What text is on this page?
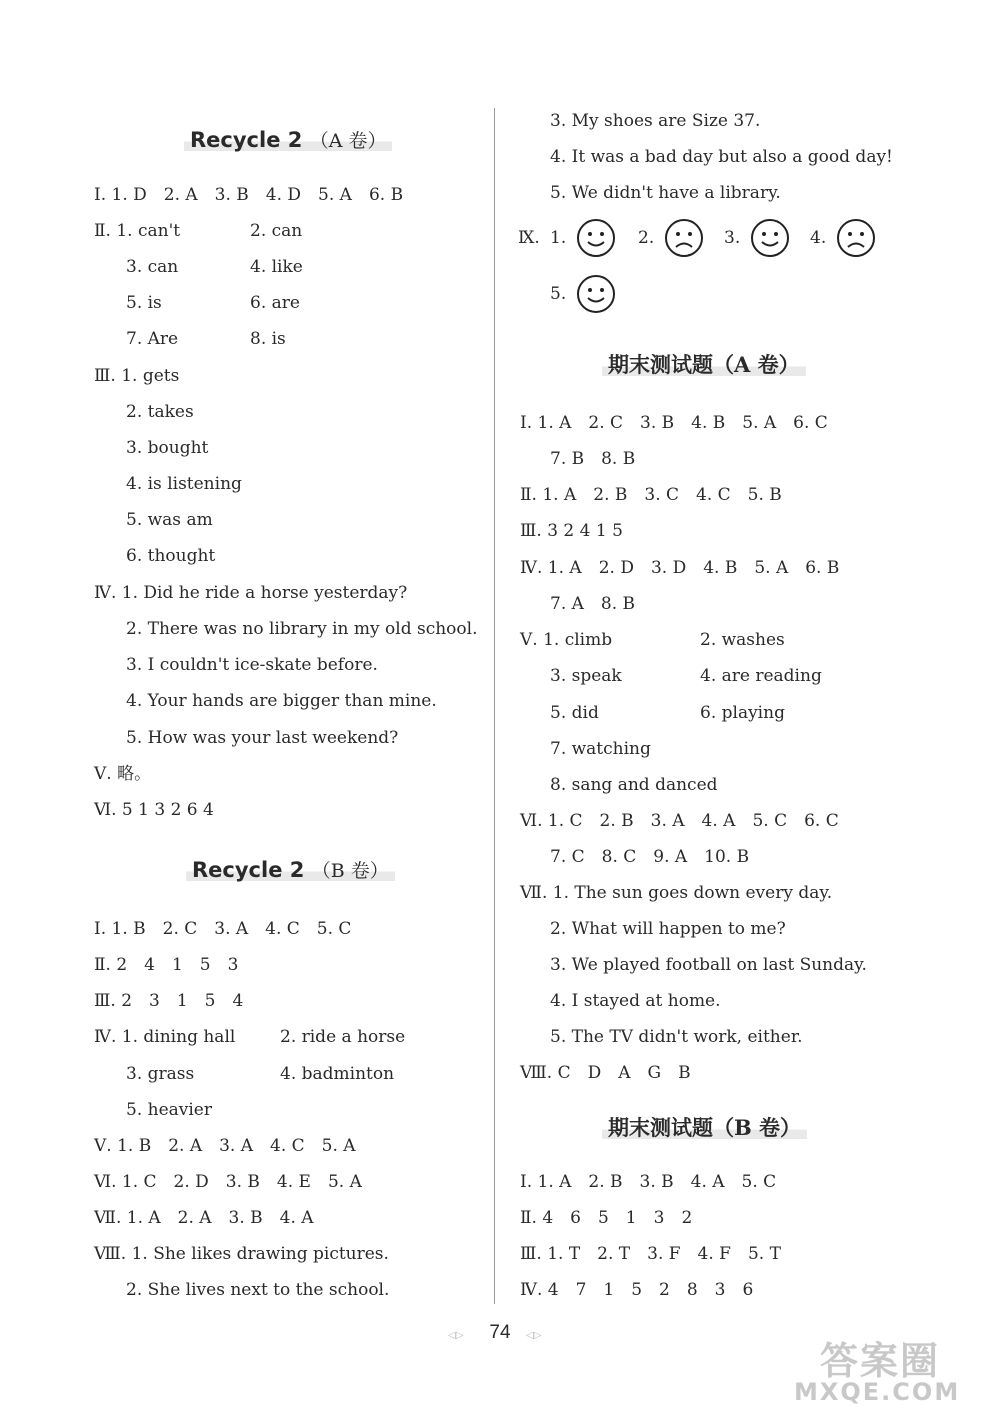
Recycle 2 （A 卷）
Ⅰ. 1. D　2. A　3. B　4. D　5. A　6. B
Ⅱ. 1. can't	2. can
3. can	4. like
5. is	6. are
7. Are	8. is
Ⅲ. 1. gets
2. takes
3. bought
4. is listening
5. was am
6. thought
Ⅳ. 1. Did he ride a horse yesterday?
2. There was no library in my old school.
3. I couldn't ice-skate before.
4. Your hands are bigger than mine.
5. How was your last weekend?
Ⅴ. 略。
Ⅵ. 5 1 3 2 6 4
Recycle 2 （B 卷）
Ⅰ. 1. B　2. C　3. A　4. C　5. C
Ⅱ. 2　4　1　5　3
Ⅲ. 2　3　1　5　4
Ⅳ. 1. dining hall	2. ride a horse
3. grass	4. badminton
5. heavier
Ⅴ. 1. B　2. A　3. A　4. C　5. A
Ⅵ. 1. C　2. D　3. B　4. E　5. A
Ⅶ. 1. A　2. A　3. B　4. A
Ⅷ. 1. She likes drawing pictures.
2. She lives next to the school.
3. My shoes are Size 37.
4. It was a bad day but also a good day!
5. We didn't have a library.
Ⅸ. 1.	2.	3.	4.
5.
期末测试题（A 卷）
Ⅰ. 1. A　2. C　3. B　4. B　5. A　6. C
7. B　8. B
Ⅱ. 1. A　2. B　3. C　4. C　5. B
Ⅲ. 3 2 4 1 5
Ⅳ. 1. A　2. D　3. D　4. B　5. A　6. B
7. A　8. B
Ⅴ. 1. climb	2. washes
3. speak	4. are reading
5. did	6. playing
7. watching
8. sang and danced
Ⅵ. 1. C　2. B　3. A　4. A　5. C　6. C
7. C　8. C　9. A　10. B
Ⅶ. 1. The sun goes down every day.
2. What will happen to me?
3. We played football on last Sunday.
4. I stayed at home.
5. The TV didn't work, either.
Ⅷ. C　D　A　G　B
期末测试题（B 卷）
Ⅰ. 1. A　2. B　3. B　4. A　5. C
Ⅱ. 4　6　5　1　3　2
Ⅲ. 1. T　2. T　3. F　4. F　5. T
Ⅳ. 4　7　1　5　2　8　3　6
◁▷	74	◁▷
答案圈
MXQE.COM
